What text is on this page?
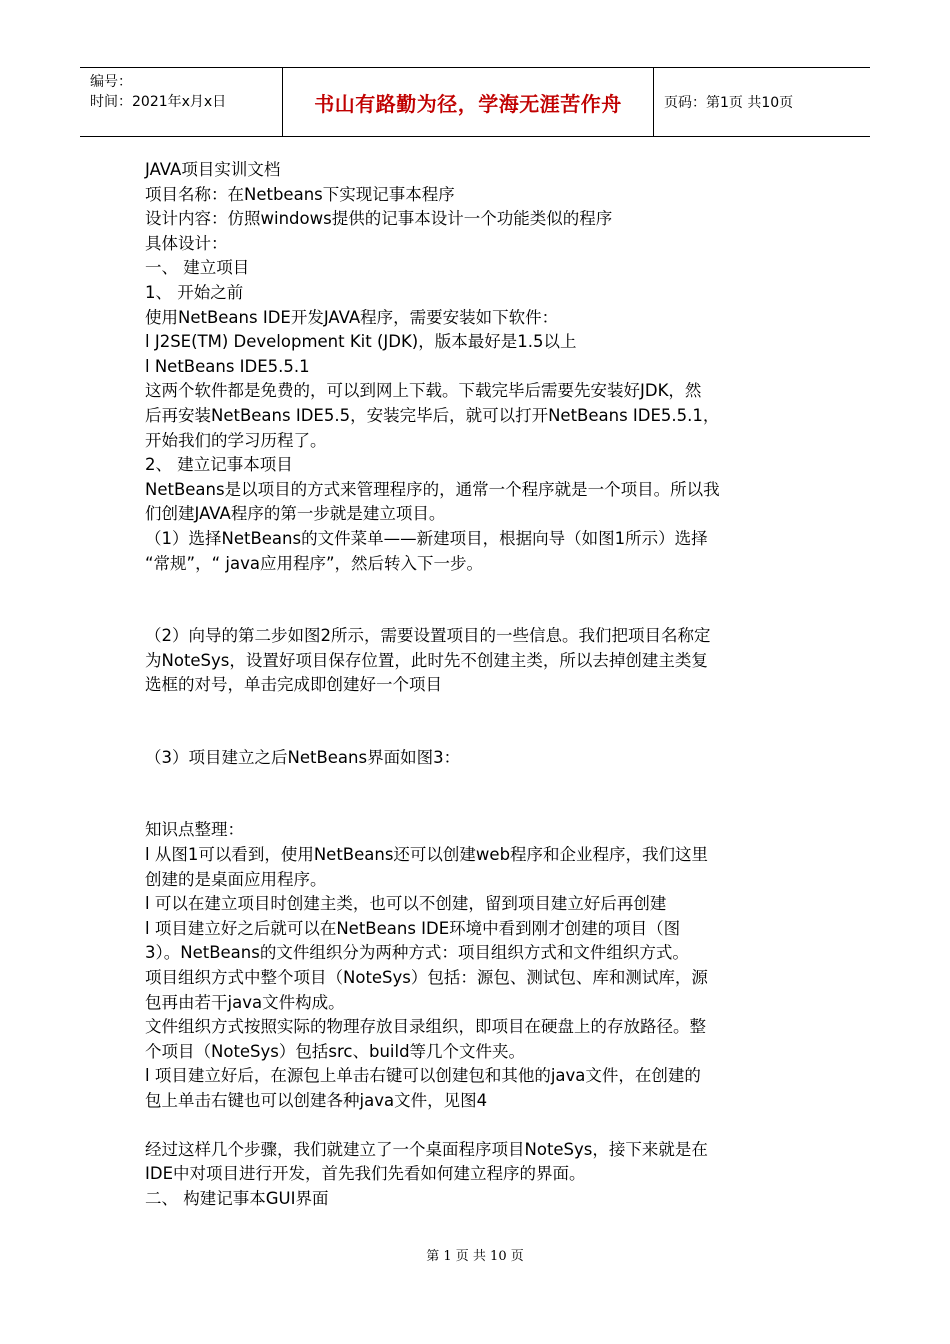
编号：
时间：2021年x月x日	书山有路勤为径，学海无涯苦作舟	页码：第1页 共10页
JAVA项目实训文档
项目名称：在Netbeans下实现记事本程序
设计内容：仿照windows提供的记事本设计一个功能类似的程序
具体设计：
一、 建立项目
1、 开始之前
使用NetBeans IDE开发JAVA程序，需要安装如下软件：
l J2SE(TM) Development Kit (JDK)，版本最好是1.5以上
l NetBeans IDE5.5.1
这两个软件都是免费的，可以到网上下载。下载完毕后需要先安装好JDK，然
后再安装NetBeans IDE5.5，安装完毕后，就可以打开NetBeans IDE5.5.1，
开始我们的学习历程了。
2、 建立记事本项目
NetBeans是以项目的方式来管理程序的，通常一个程序就是一个项目。所以我
们创建JAVA程序的第一步就是建立项目。
（1）选择NetBeans的文件菜单——新建项目，根据向导（如图1所示）选择
“常规”，“ java应用程序”，然后转入下一步。
（2）向导的第二步如图2所示，需要设置项目的一些信息。我们把项目名称定
为NoteSys，设置好项目保存位置，此时先不创建主类，所以去掉创建主类复
选框的对号，单击完成即创建好一个项目
（3）项目建立之后NetBeans界面如图3：
知识点整理：
l 从图1可以看到，使用NetBeans还可以创建web程序和企业程序，我们这里
创建的是桌面应用程序。
l 可以在建立项目时创建主类，也可以不创建，留到项目建立好后再创建
l 项目建立好之后就可以在NetBeans IDE环境中看到刚才创建的项目（图
3）。NetBeans的文件组织分为两种方式：项目组织方式和文件组织方式。
项目组织方式中整个项目（NoteSys）包括：源包、测试包、库和测试库，源
包再由若干java文件构成。
文件组织方式按照实际的物理存放目录组织，即项目在硬盘上的存放路径。整
个项目（NoteSys）包括src、build等几个文件夹。
l 项目建立好后，在源包上单击右键可以创建包和其他的java文件，在创建的
包上单击右键也可以创建各种java文件，见图4
经过这样几个步骤，我们就建立了一个桌面程序项目NoteSys，接下来就是在
IDE中对项目进行开发，首先我们先看如何建立程序的界面。
二、 构建记事本GUI界面
第 1 页 共 10 页
